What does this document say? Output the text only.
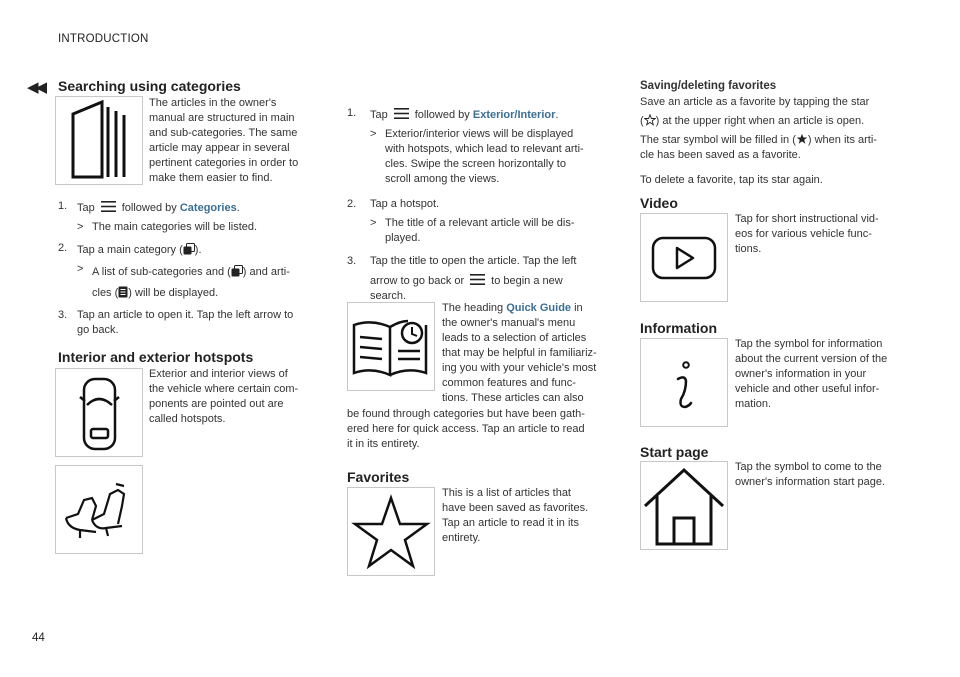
INTRODUCTION
◀◀
44
Searching using categories
The articles in the owner's
manual are structured in main
and sub-categories. The same
article may appear in several
pertinent categories in order to
make them easier to find.
1. Tap followed by Categories.
> The main categories will be listed.
2. Tap a main category ( ).
> A list of sub-categories and ( ) and arti-
cles ( ) will be displayed.
3. Tap an article to open it. Tap the left arrow to
go back.
Interior and exterior hotspots
Exterior and interior views of
the vehicle where certain com-
ponents are pointed out are
called hotspots.
1.	Tap followed by Exterior/Interior.
> Exterior/interior views will be displayed
with hotspots, which lead to relevant arti-
cles. Swipe the screen horizontally to
scroll among the views.
2.	Tap a hotspot.
> The title of a relevant article will be dis-
played.
3.	Tap the title to open the article. Tap the left
arrow to go back or to begin a new
search.
The heading Quick Guide in
the owner's manual's menu
leads to a selection of articles
that may be helpful in familiariz-
ing you with your vehicle's most
common features and func-
tions. These articles can also
be found through categories but have been gath-
ered here for quick access. Tap an article to read
it in its entirety.
Favorites
This is a list of articles that
have been saved as favorites.
Tap an article to read it in its
entirety.
Saving/deleting favorites
Save an article as a favorite by tapping the star
( ) at the upper right when an article is open.
The star symbol will be filled in ( ) when its arti-
cle has been saved as a favorite.
To delete a favorite, tap its star again.
Video
Tap for short instructional vid-
eos for various vehicle func-
tions.
Information
Tap the symbol for information
about the current version of the
owner's information in your
vehicle and other useful infor-
mation.
Start page
Tap the symbol to come to the
owner's information start page.
